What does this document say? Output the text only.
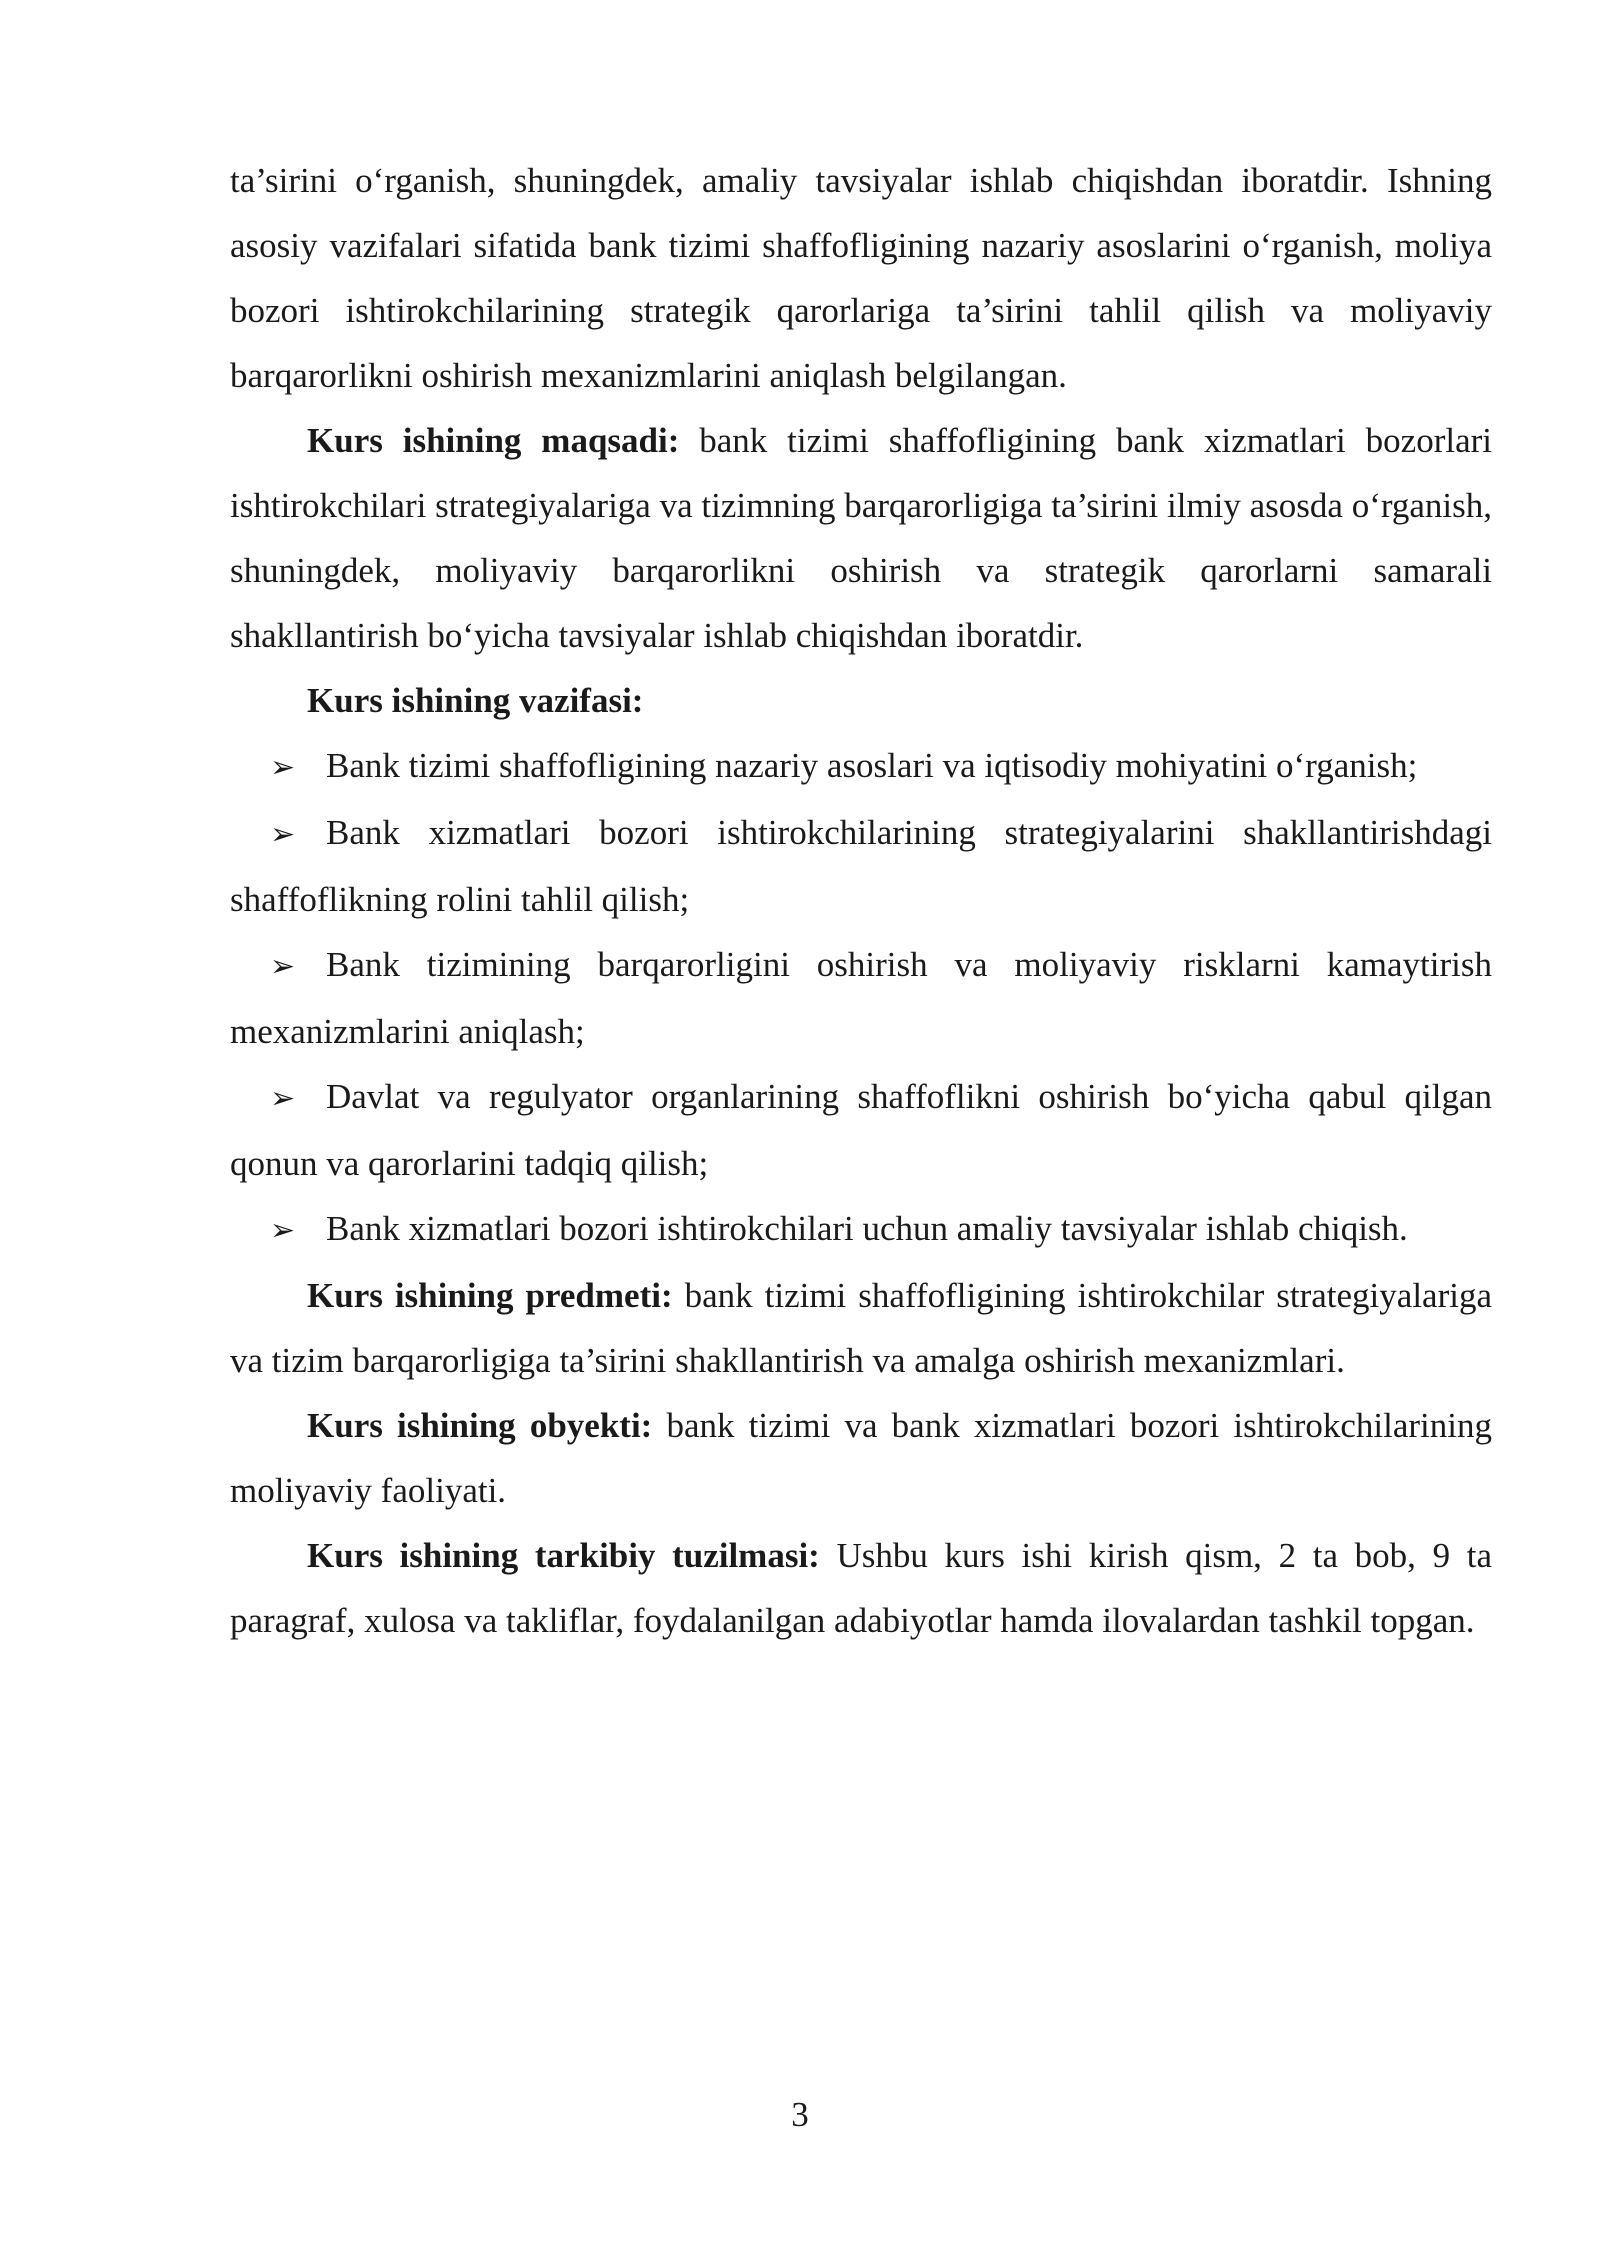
ta’sirini o‘rganish, shuningdek, amaliy tavsiyalar ishlab chiqishdan iboratdir. Ishning asosiy vazifalari sifatida bank tizimi shaffofligining nazariy asoslarini o‘rganish, moliya bozori ishtirokchilarining strategik qarorlariga ta’sirini tahlil qilish va moliyaviy barqarorlikni oshirish mexanizmlarini aniqlash belgilangan.

Kurs ishining maqsadi: bank tizimi shaffofligining bank xizmatlari bozorlari ishtirokchilari strategiyalariga va tizimning barqarorligiga ta’sirini ilmiy asosda o‘rganish, shuningdek, moliyaviy barqarorlikni oshirish va strategik qarorlarni samarali shakllantirish bo‘yicha tavsiyalar ishlab chiqishdan iboratdir.

Kurs ishining vazifasi:

➢ Bank tizimi shaffofligining nazariy asoslari va iqtisodiy mohiyatini o‘rganish;

➢ Bank xizmatlari bozori ishtirokchilarining strategiyalarini shakllantirishdagi shaffoflikning rolini tahlil qilish;

➢ Bank tizimining barqarorligini oshirish va moliyaviy risklarni kamaytirish mexanizmlarini aniqlash;

➢ Davlat va regulyator organlarining shaffoflikni oshirish bo‘yicha qabul qilgan qonun va qarorlarini tadqiq qilish;

➢ Bank xizmatlari bozori ishtirokchilari uchun amaliy tavsiyalar ishlab chiqish.

Kurs ishining predmeti: bank tizimi shaffofligining ishtirokchilar strategiyalariga va tizim barqarorligiga ta’sirini shakllantirish va amalga oshirish mexanizmlari.

Kurs ishining obyekti: bank tizimi va bank xizmatlari bozori ishtirokchilarining moliyaviy faoliyati.

Kurs ishining tarkibiy tuzilmasi: Ushbu kurs ishi kirish qism, 2 ta bob, 9 ta paragraf, xulosa va takliflar, foydalanilgan adabiyotlar hamda ilovalardan tashkil topgan.

3
